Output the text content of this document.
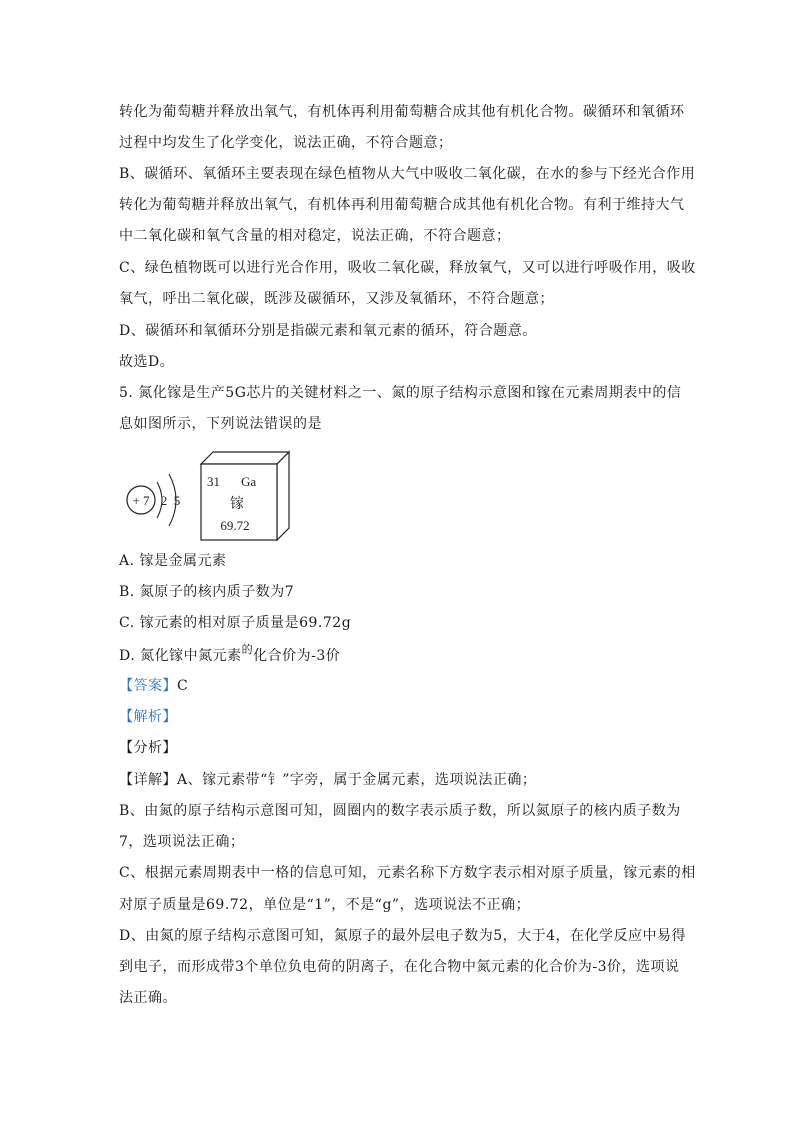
转化为葡萄糖并释放出氧气，有机体再利用葡萄糖合成其他有机化合物。碳循环和氧循环
过程中均发生了化学变化，说法正确，不符合题意；
B、碳循环、氧循环主要表现在绿色植物从大气中吸收二氧化碳，在水的参与下经光合作用
转化为葡萄糖并释放出氧气，有机体再利用葡萄糖合成其他有机化合物。有利于维持大气
中二氧化碳和氧气含量的相对稳定，说法正确，不符合题意；
C、绿色植物既可以进行光合作用，吸收二氧化碳，释放氧气，又可以进行呼吸作用，吸收
氧气，呼出二氧化碳，既涉及碳循环，又涉及氧循环，不符合题意；
D、碳循环和氧循环分别是指碳元素和氧元素的循环，符合题意。
故选D。
5. 氮化镓是生产5G芯片的关键材料之一、氮的原子结构示意图和镓在元素周期表中的信
息如图所示，下列说法错误的是
+ 7 2 5
31 Ga
镓
69.72
A. 镓是金属元素
B. 氮原子的核内质子数为7
C. 镓元素的相对原子质量是69.72g
D. 氮化镓中氮元素$^的$化合价为-3价
【答案】C
【解析】
【分析】
【详解】A、镓元素带“钅”字旁，属于金属元素，选项说法正确；
B、由氮的原子结构示意图可知，圆圈内的数字表示质子数，所以氮原子的核内质子数为
7，选项说法正确；
C、根据元素周期表中一格的信息可知，元素名称下方数字表示相对原子质量，镓元素的相
对原子质量是69.72，单位是“1”，不是“g”，选项说法不正确；
D、由氮的原子结构示意图可知，氮原子的最外层电子数为5，大于4，在化学反应中易得
到电子，而形成带3个单位负电荷的阴离子，在化合物中氮元素的化合价为-3价，选项说
法正确。
